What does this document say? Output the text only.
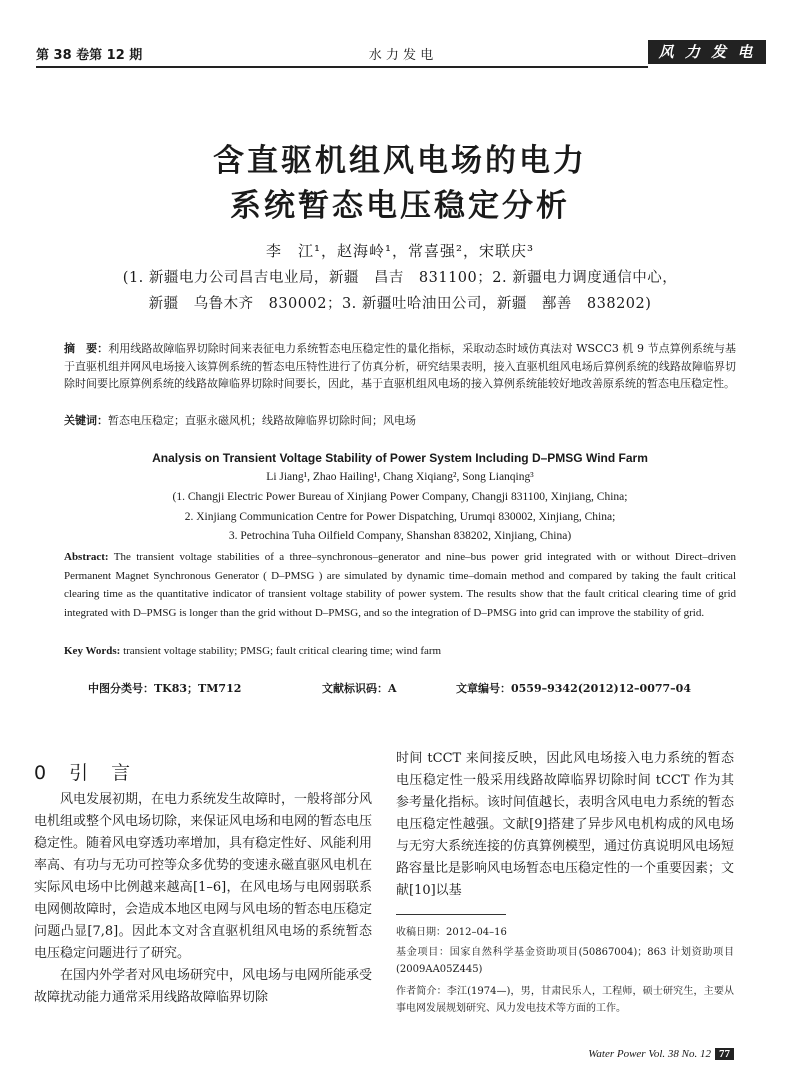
第 38 卷第 12 期	水 力 发 电	风 力 发 电
含直驱机组风电场的电力
系统暂态电压稳定分析
李　江¹，赵海岭¹，常喜强²，宋联庆³
(1. 新疆电力公司昌吉电业局，新疆　昌吉　831100；2. 新疆电力调度通信中心，
新疆　乌鲁木齐　830002；3. 新疆吐哈油田公司，新疆　鄯善　838202)
摘　要：利用线路故障临界切除时间来表征电力系统暂态电压稳定性的量化指标，采取动态时域仿真法对 WSCC3 机 9 节点算例系统与基于直驱机组并网风电场接入该算例系统的暂态电压特性进行了仿真分析，研究结果表明，接入直驱机组风电场后算例系统的线路故障临界切除时间要比原算例系统的线路故障临界切除时间要长，因此，基于直驱机组风电场的接入算例系统能较好地改善原系统的暂态电压稳定性。
关键词：暂态电压稳定；直驱永磁风机；线路故障临界切除时间；风电场
Analysis on Transient Voltage Stability of Power System Including D–PMSG Wind Farm
Li Jiang¹, Zhao Hailing¹, Chang Xiqiang², Song Lianqing³
(1. Changji Electric Power Bureau of Xinjiang Power Company, Changji 831100, Xinjiang, China;
2. Xinjiang Communication Centre for Power Dispatching, Urumqi 830002, Xinjiang, China;
3. Petrochina Tuha Oilfield Company, Shanshan 838202, Xinjiang, China)
Abstract: The transient voltage stabilities of a three–synchronous–generator and nine–bus power grid integrated with or without Direct–driven Permanent Magnet Synchronous Generator ( D–PMSG ) are simulated by dynamic time–domain method and compared by taking the fault critical clearing time as the quantitative indicator of transient voltage stability of power system. The results show that the fault critical clearing time of grid integrated with D–PMSG is longer than the grid without D–PMSG, and so the integration of D–PMSG into grid can improve the stability of grid.
Key Words: transient voltage stability; PMSG; fault critical clearing time; wind farm
中图分类号：TK83；TM712	文献标识码：A	文章编号：0559–9342(2012)12–0077–04
0　引　言

风电发展初期，在电力系统发生故障时，一般将部分风电机组或整个风电场切除，来保证风电场和电网的暂态电压稳定性。随着风电穿透功率增加，具有稳定性好、风能利用率高、有功与无功可控等众多优势的变速永磁直驱风电机在实际风电场中比例越来越高[1–6]，在风电场与电网弱联系电网侧故障时，会造成本地区电网与风电场的暂态电压稳定问题凸显[7,8]。因此本文对含直驱机组风电场的系统暂态电压稳定问题进行了研究。

在国内外学者对风电场研究中，风电场与电网所能承受故障扰动能力通常采用线路故障临界切除

时间 tCCT 来间接反映，因此风电场接入电力系统的暂态电压稳定性一般采用线路故障临界切除时间 tCCT 作为其参考量化指标。该时间值越长，表明含风电电力系统的暂态电压稳定性越强。文献[9]搭建了异步风电机构成的风电场与无穷大系统连接的仿真算例模型，通过仿真说明风电场短路容量比是影响风电场暂态电压稳定性的一个重要因素；文献[10]以基

收稿日期：2012–04–16
基金项目：国家自然科学基金资助项目(50867004)；863 计划资助项目(2009AA05Z445)
作者简介：李江(1974—)，男，甘肃民乐人，工程师，硕士研究生，主要从事电网发展规划研究、风力发电技术等方面的工作。
Water Power Vol. 38 No. 12 77
